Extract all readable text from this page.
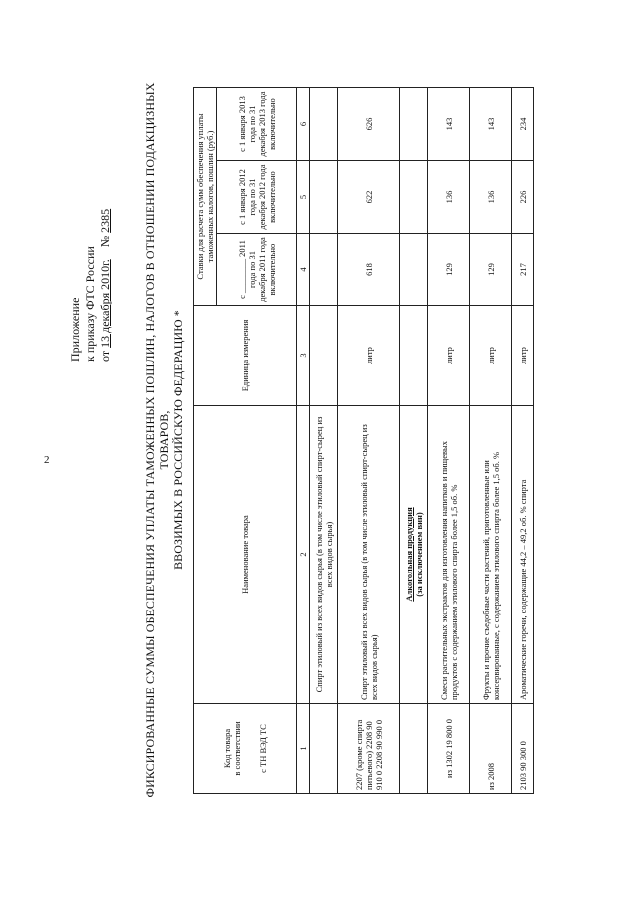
2
Приложение к приказу ФТС России от 13 декабря 2010г.    № 2385	ФИКСИРОВАННЫЕ СУММЫ ОБЕСПЕЧЕНИЯ УПЛАТЫ ТАМОЖЕННЫХ ПОШЛИН, НАЛОГОВ В ОТНОШЕНИИ ПОДАКЦИЗНЫХ ТОВАРОВ, ВВОЗИМЫХ В РОССИЙСКУЮ ФЕДЕРАЦИЮ *
Код товара в соответствии с ТН ВЭД ТС	Наименование товара	Единица измерения	Ставки для расчета сумм обеспечения уплаты таможенных налогов, пошлин (руб.)		
			с ________ 2011 года по 31 декабря 2011 года включительно	с 1 января 2012 года по 31 декабря 2012 года включительно	с 1 января 2013 года по 31 декабря 2013 года включительно
1	2	3	4	5	6
	Спирт этиловый из всех видов сырья (в том числе этиловый спирт-сырец из всех видов сырья)				
2207 (кроме спирта питьевого) 2208 90 910 0 2208 90 990 0	Спирт этиловый из всех видов сырья (в том числе этиловый спирт-сырец из всех видов сырья)	литр	618	622	626

	Алкогольная продукция (за исключением вин)				

из 1302 19 800 0	Смеси растительных экстрактов для изготовления напитков и пищевых продуктов с содержанием этилового спирта более 1,5 об. %	литр	129	136	143
из 2008	Фрукты и прочие съедобные части растений, приготовленные или консервированные, с содержанием этилового спирта более 1,5 об. %	литр	129	136	143
2103 90 300 0	Ароматические горечи, содержащие 44,2 – 49,2 об. % спирта	литр	217	226	234
